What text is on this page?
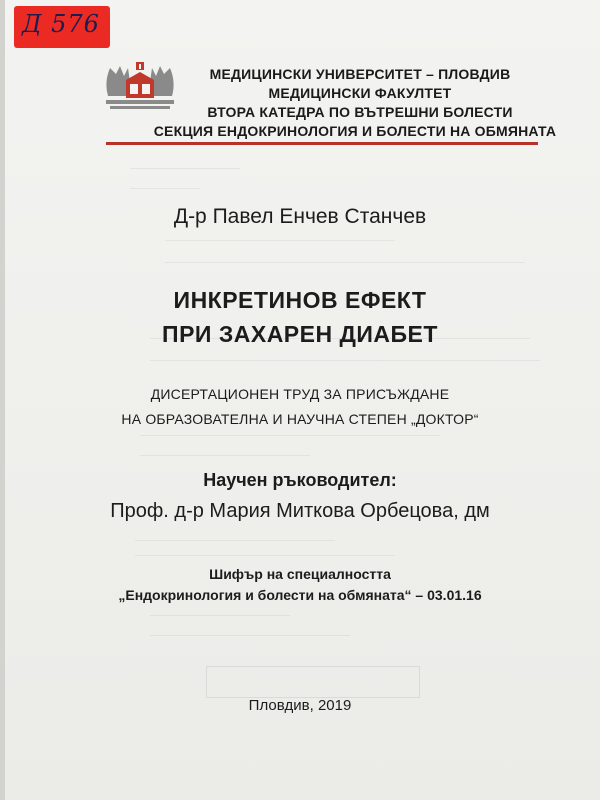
Д 576
МЕДИЦИНСКИ УНИВЕРСИТЕТ – ПЛОВДИВ
МЕДИЦИНСКИ ФАКУЛТЕТ
ВТОРА КАТЕДРА ПО ВЪТРЕШНИ БОЛЕСТИ
СЕКЦИЯ ЕНДОКРИНОЛОГИЯ И БОЛЕСТИ НА ОБМЯНАТА
Д-р Павел Енчев Станчев
ИНКРЕТИНОВ ЕФЕКТ
ПРИ ЗАХАРЕН ДИАБЕТ
ДИСЕРТАЦИОНЕН ТРУД ЗА ПРИСЪЖДАНЕ
НА ОБРАЗОВАТЕЛНА И НАУЧНА СТЕПЕН „ДОКТОР“
Научен ръководител:
Проф. д-р Мария Миткова Орбецова, дм
Шифър на специалността
„Ендокринология и болести на обмяната“ – 03.01.16
Пловдив, 2019
